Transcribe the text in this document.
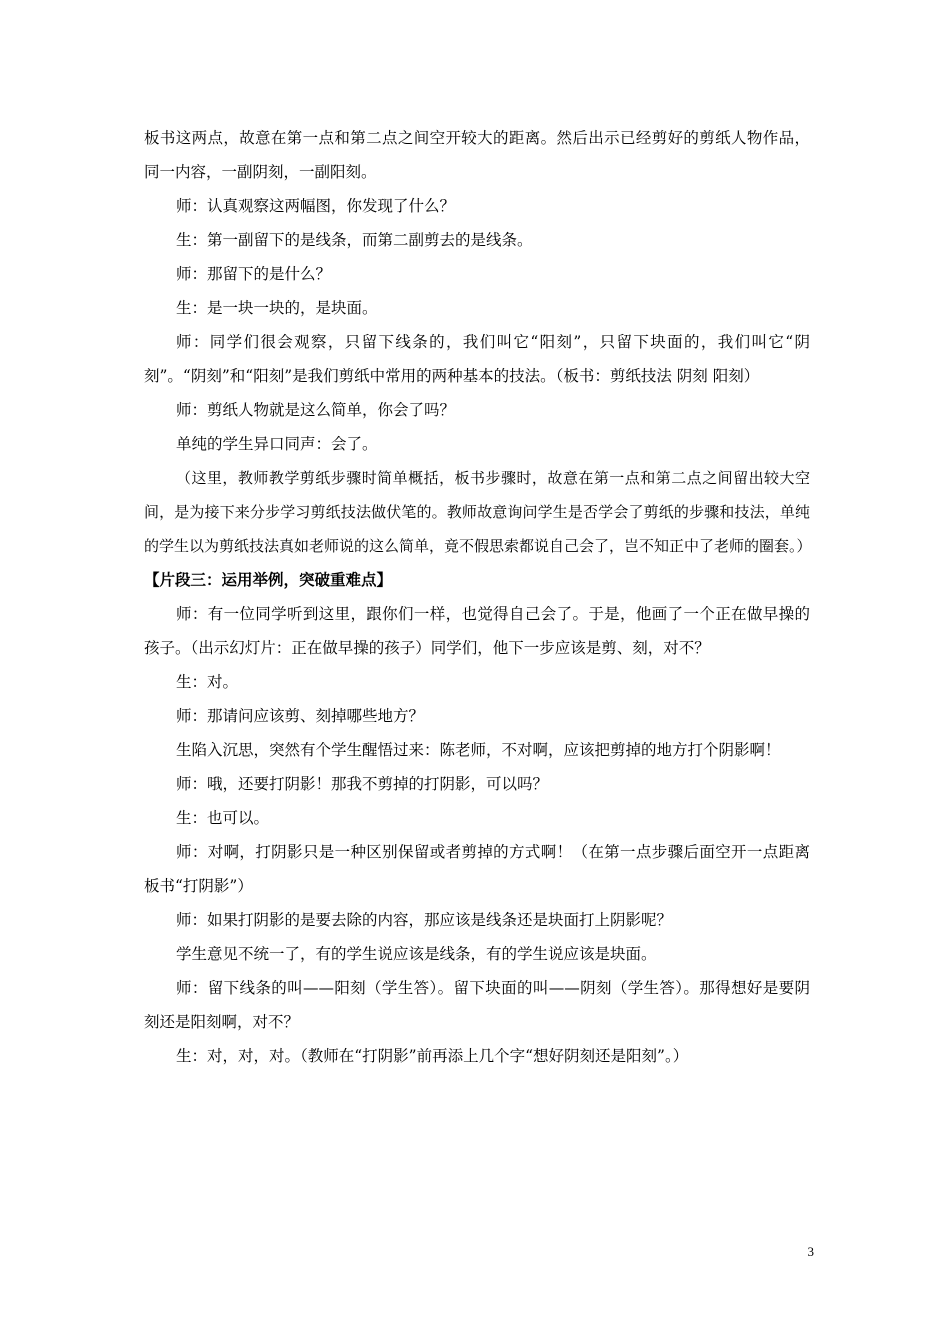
板书这两点，故意在第一点和第二点之间空开较大的距离。然后出示已经剪好的剪纸人物作品，同一内容，一副阴刻，一副阳刻。

师：认真观察这两幅图，你发现了什么？

生：第一副留下的是线条，而第二副剪去的是线条。

师：那留下的是什么？

生：是一块一块的，是块面。

师：同学们很会观察，只留下线条的，我们叫它“阳刻”，只留下块面的，我们叫它“阴刻”。“阴刻”和“阳刻”是我们剪纸中常用的两种基本的技法。（板书：剪纸技法 阴刻 阳刻）

师：剪纸人物就是这么简单，你会了吗？

单纯的学生异口同声：会了。

（这里，教师教学剪纸步骤时简单概括，板书步骤时，故意在第一点和第二点之间留出较大空间，是为接下来分步学习剪纸技法做伏笔的。教师故意询问学生是否学会了剪纸的步骤和技法，单纯的学生以为剪纸技法真如老师说的这么简单，竟不假思索都说自己会了，岂不知正中了老师的圈套。）

【片段三：运用举例，突破重难点】

师：有一位同学听到这里，跟你们一样，也觉得自己会了。于是，他画了一个正在做早操的孩子。（出示幻灯片：正在做早操的孩子）同学们，他下一步应该是剪、刻，对不？

生：对。

师：那请问应该剪、刻掉哪些地方？

生陷入沉思，突然有个学生醒悟过来：陈老师，不对啊，应该把剪掉的地方打个阴影啊！

师：哦，还要打阴影！那我不剪掉的打阴影，可以吗？

生：也可以。

师：对啊，打阴影只是一种区别保留或者剪掉的方式啊！（在第一点步骤后面空开一点距离板书“打阴影”）

师：如果打阴影的是要去除的内容，那应该是线条还是块面打上阴影呢？

学生意见不统一了，有的学生说应该是线条，有的学生说应该是块面。

师：留下线条的叫——阳刻（学生答）。留下块面的叫——阴刻（学生答）。那得想好是要阴刻还是阳刻啊，对不？

生：对，对，对。（教师在“打阴影”前再添上几个字“想好阴刻还是阳刻”。）

3
